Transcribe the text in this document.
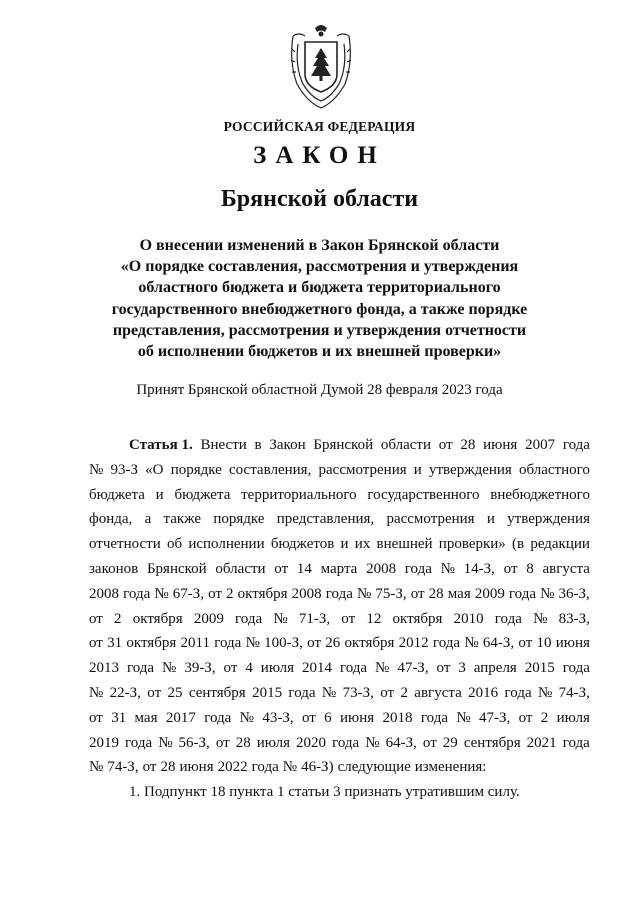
РОССИЙСКАЯ ФЕДЕРАЦИЯ
ЗАКОН
Брянской области
О внесении изменений в Закон Брянской области
«О порядке составления, рассмотрения и утверждения
областного бюджета и бюджета территориального
государственного внебюджетного фонда, а также порядке
представления, рассмотрения и утверждения отчетности
об исполнении бюджетов и их внешней проверки»
Принят Брянской областной Думой 28 февраля 2023 года
Статья 1. Внести в Закон Брянской области от 28 июня 2007 года
№ 93-З «О порядке составления, рассмотрения и утверждения областного
бюджета и бюджета территориального государственного внебюджетного
фонда, а также порядке представления, рассмотрения и утверждения
отчетности об исполнении бюджетов и их внешней проверки» (в редакции
законов Брянской области от 14 марта 2008 года № 14-З, от 8 августа
2008 года № 67-З, от 2 октября 2008 года № 75-З, от 28 мая 2009 года № 36-З,
от 2 октября 2009 года № 71-З, от 12 октября 2010 года № 83-З,
от 31 октября 2011 года № 100-З, от 26 октября 2012 года № 64-З, от 10 июня
2013 года № 39-З, от 4 июля 2014 года № 47-З, от 3 апреля 2015 года
№ 22-З, от 25 сентября 2015 года № 73-З, от 2 августа 2016 года № 74-З,
от 31 мая 2017 года № 43-З, от 6 июня 2018 года № 47-З, от 2 июля
2019 года № 56-З, от 28 июля 2020 года № 64-З, от 29 сентября 2021 года
№ 74-З, от 28 июня 2022 года № 46-З) следующие изменения:
1. Подпункт 18 пункта 1 статьи 3 признать утратившим силу.
